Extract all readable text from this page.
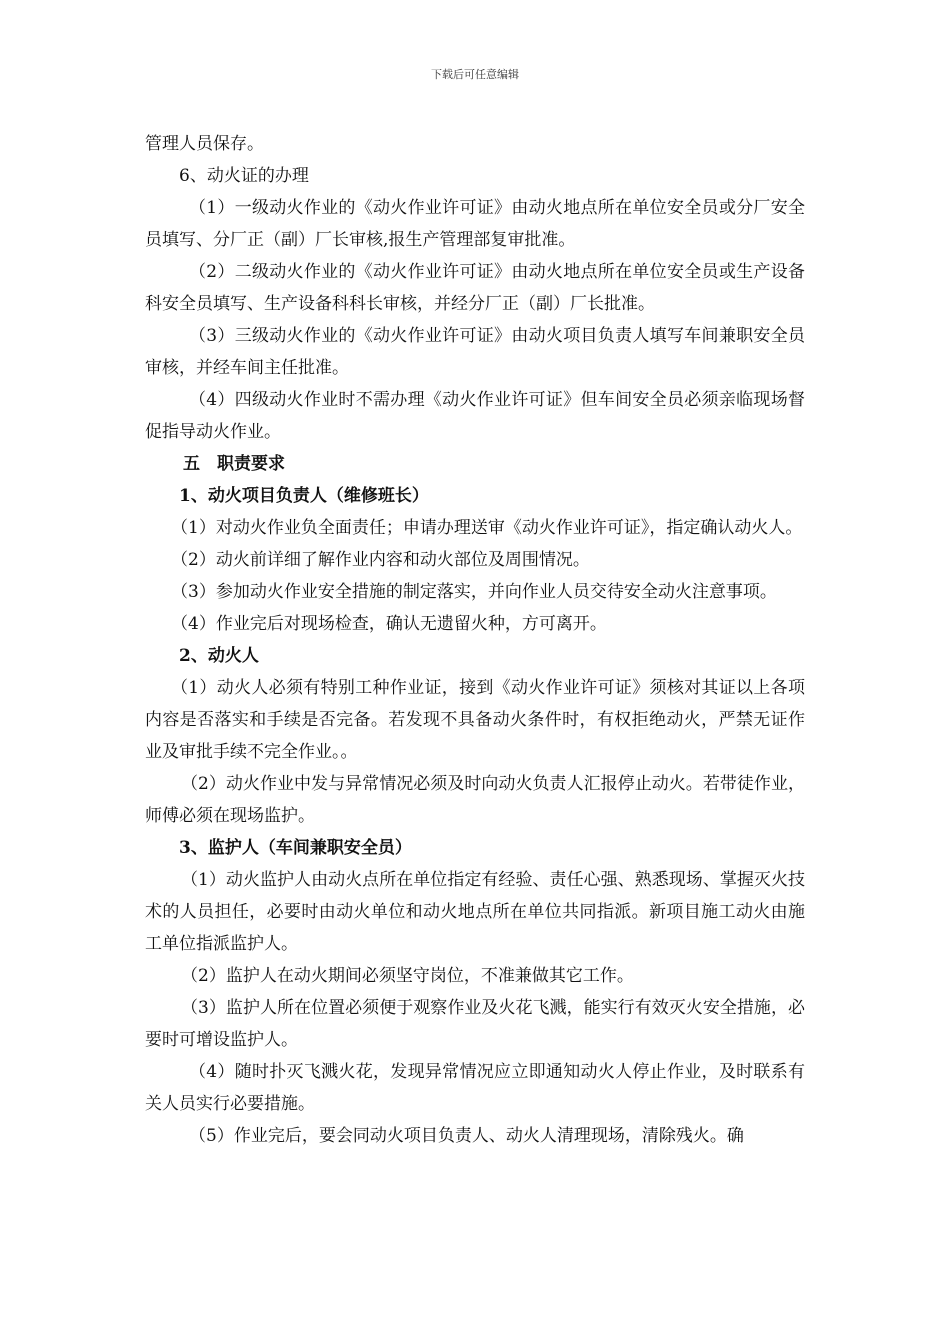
下载后可任意编辑

管理人员保存。

6、动火证的办理

（1）一级动火作业的《动火作业许可证》由动火地点所在单位安全员或分厂安全员填写、分厂正（副）厂长审核,报生产管理部复审批准。

（2）二级动火作业的《动火作业许可证》由动火地点所在单位安全员或生产设备科安全员填写、生产设备科科长审核，并经分厂正（副）厂长批准。

（3）三级动火作业的《动火作业许可证》由动火项目负责人填写车间兼职安全员审核，并经车间主任批准。

（4）四级动火作业时不需办理《动火作业许可证》但车间安全员必须亲临现场督促指导动火作业。

五　职责要求

1、动火项目负责人（维修班长）

（1）对动火作业负全面责任；申请办理送审《动火作业许可证》，指定确认动火人。

（2）动火前详细了解作业内容和动火部位及周围情况。

（3）参加动火作业安全措施的制定落实，并向作业人员交待安全动火注意事项。

（4）作业完后对现场检查，确认无遗留火种，方可离开。

2、动火人

（1）动火人必须有特别工种作业证，接到《动火作业许可证》须核对其证以上各项内容是否落实和手续是否完备。若发现不具备动火条件时，有权拒绝动火，严禁无证作业及审批手续不完全作业。。

（2）动火作业中发与异常情况必须及时向动火负责人汇报停止动火。若带徒作业，师傅必须在现场监护。

3、监护人（车间兼职安全员）

（1）动火监护人由动火点所在单位指定有经验、责任心强、熟悉现场、掌握灭火技术的人员担任，必要时由动火单位和动火地点所在单位共同指派。新项目施工动火由施工单位指派监护人。

（2）监护人在动火期间必须坚守岗位，不准兼做其它工作。

（3）监护人所在位置必须便于观察作业及火花飞溅，能实行有效灭火安全措施，必要时可增设监护人。

（4）随时扑灭飞溅火花，发现异常情况应立即通知动火人停止作业，及时联系有关人员实行必要措施。

（5）作业完后，要会同动火项目负责人、动火人清理现场，清除残火。确
